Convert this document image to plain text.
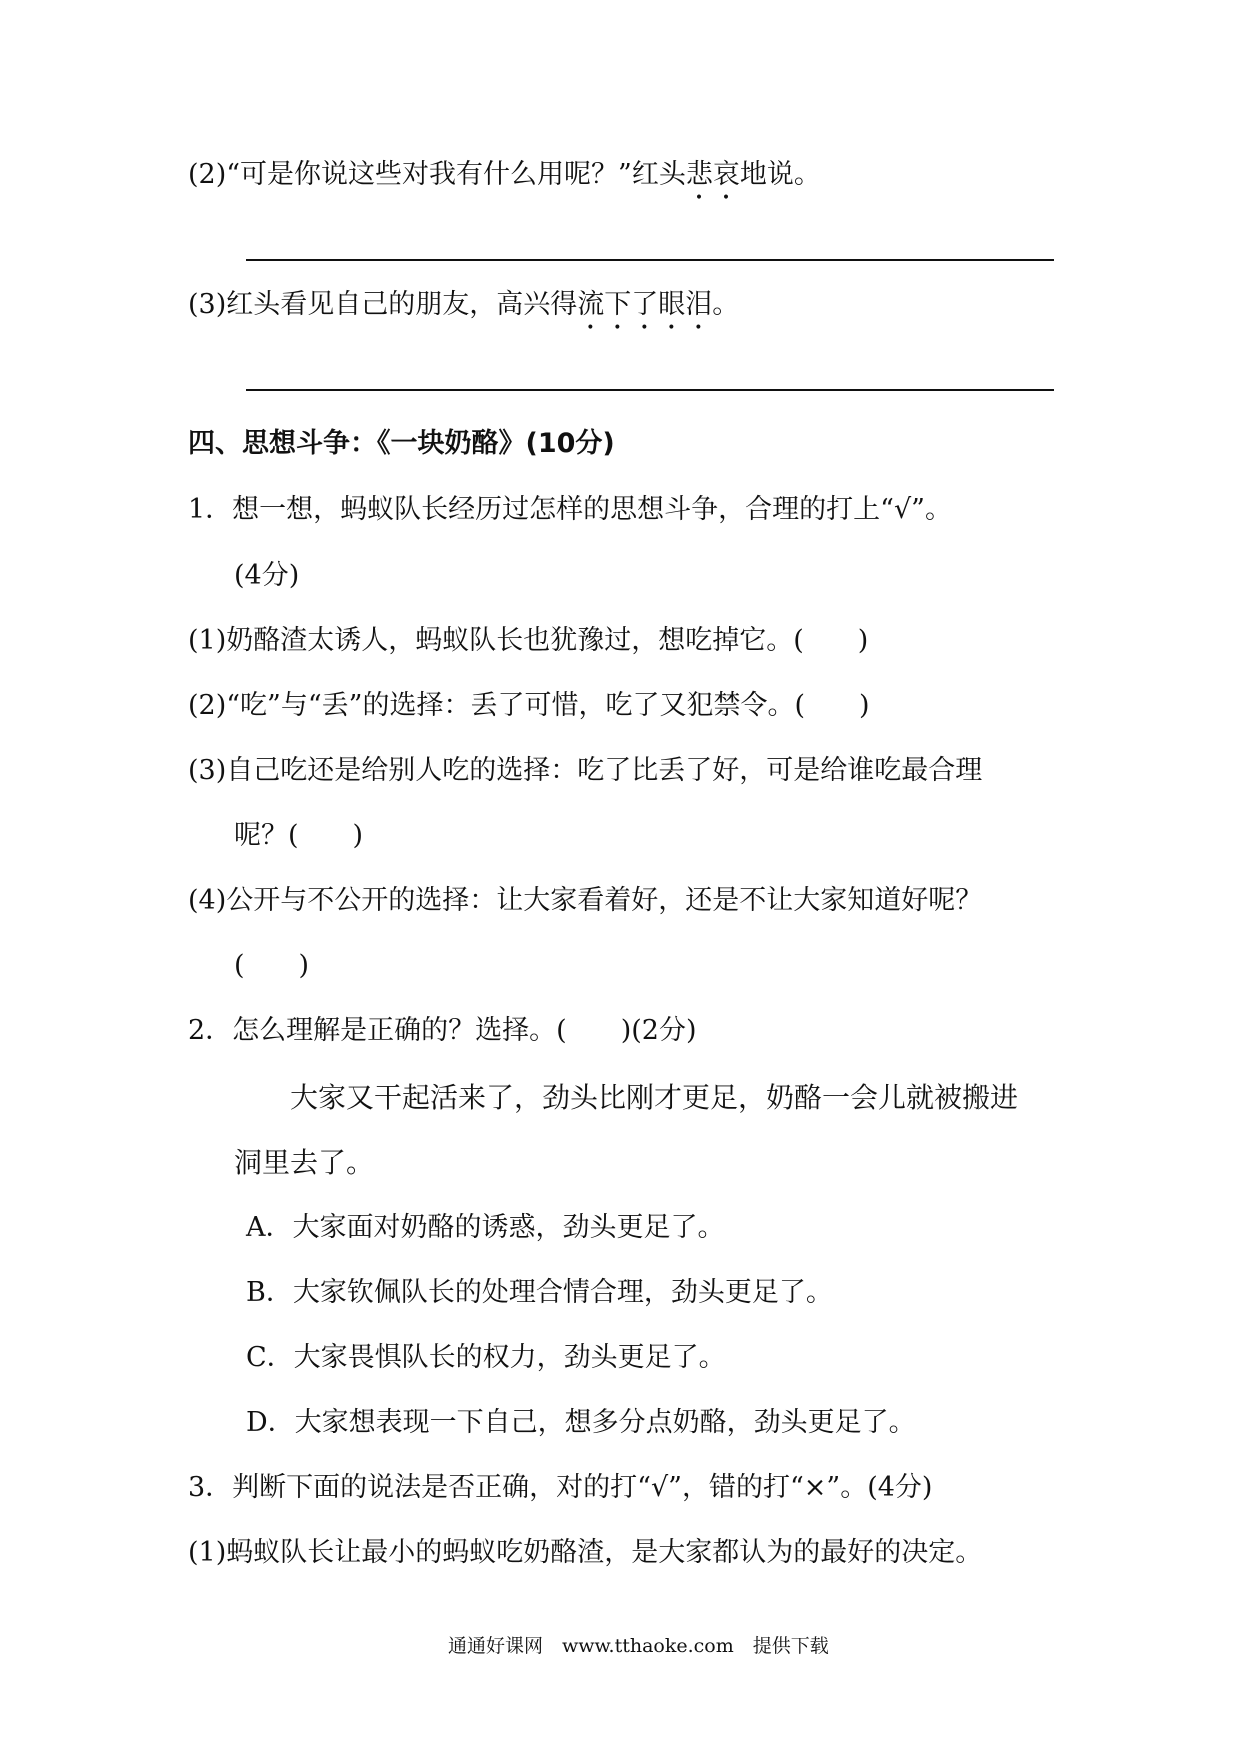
(2)“可是你说这些对我有什么用呢？”红头悲哀地说。
(3)红头看见自己的朋友，高兴得流下了眼泪。
四、思想斗争：《一块奶酪》(10分)
1．想一想，蚂蚁队长经历过怎样的思想斗争，合理的打上“√”。
(4分)
(1)奶酪渣太诱人，蚂蚁队长也犹豫过，想吃掉它。(　　)
(2)“吃”与“丢”的选择：丢了可惜，吃了又犯禁令。(　　)
(3)自己吃还是给别人吃的选择：吃了比丢了好，可是给谁吃最合理
呢？(　　)
(4)公开与不公开的选择：让大家看着好，还是不让大家知道好呢？
(　　)
2．怎么理解是正确的？选择。(　　)(2分)
大家又干起活来了，劲头比刚才更足，奶酪一会儿就被搬进
洞里去了。
A．大家面对奶酪的诱惑，劲头更足了。
B．大家钦佩队长的处理合情合理，劲头更足了。
C．大家畏惧队长的权力，劲头更足了。
D．大家想表现一下自己，想多分点奶酪，劲头更足了。
3．判断下面的说法是否正确，对的打“√”，错的打“×”。(4分)
(1)蚂蚁队长让最小的蚂蚁吃奶酪渣，是大家都认为的最好的决定。
通通好课网　www.tthaoke.com　提供下载
